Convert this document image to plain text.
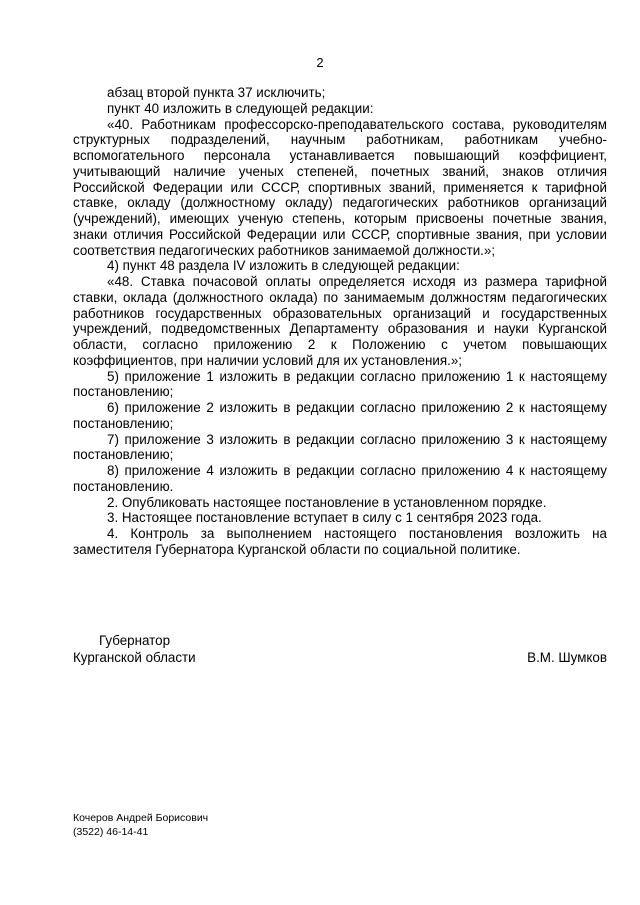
2

абзац второй пункта 37 исключить;

пункт 40 изложить в следующей редакции:

«40. Работникам профессорско-преподавательского состава, руководителям структурных подразделений, научным работникам, работникам учебно-вспомогательного персонала устанавливается повышающий коэффициент, учитывающий наличие ученых степеней, почетных званий, знаков отличия Российской Федерации или СССР, спортивных званий, применяется к тарифной ставке, окладу (должностному окладу) педагогических работников организаций (учреждений), имеющих ученую степень, которым присвоены почетные звания, знаки отличия Российской Федерации или СССР, спортивные звания, при условии соответствия педагогических работников занимаемой должности.»;

4) пункт 48 раздела IV изложить в следующей редакции:

«48. Ставка почасовой оплаты определяется исходя из размера тарифной ставки, оклада (должностного оклада) по занимаемым должностям педагогических работников государственных образовательных организаций и государственных учреждений, подведомственных Департаменту образования и науки Курганской области, согласно приложению 2 к Положению с учетом повышающих коэффициентов, при наличии условий для их установления.»;

5) приложение 1 изложить в редакции согласно приложению 1 к настоящему постановлению;

6) приложение 2 изложить в редакции согласно приложению 2 к настоящему постановлению;

7) приложение 3 изложить в редакции согласно приложению 3 к настоящему постановлению;

8) приложение 4 изложить в редакции согласно приложению 4 к настоящему постановлению.

2. Опубликовать настоящее постановление в установленном порядке.

3. Настоящее постановление вступает в силу с 1 сентября 2023 года.

4. Контроль за выполнением настоящего постановления возложить на заместителя Губернатора Курганской области по социальной политике.

Губернатор
Курганской области	В.М. Шумков
Кочеров Андрей Борисович
(3522) 46-14-41
